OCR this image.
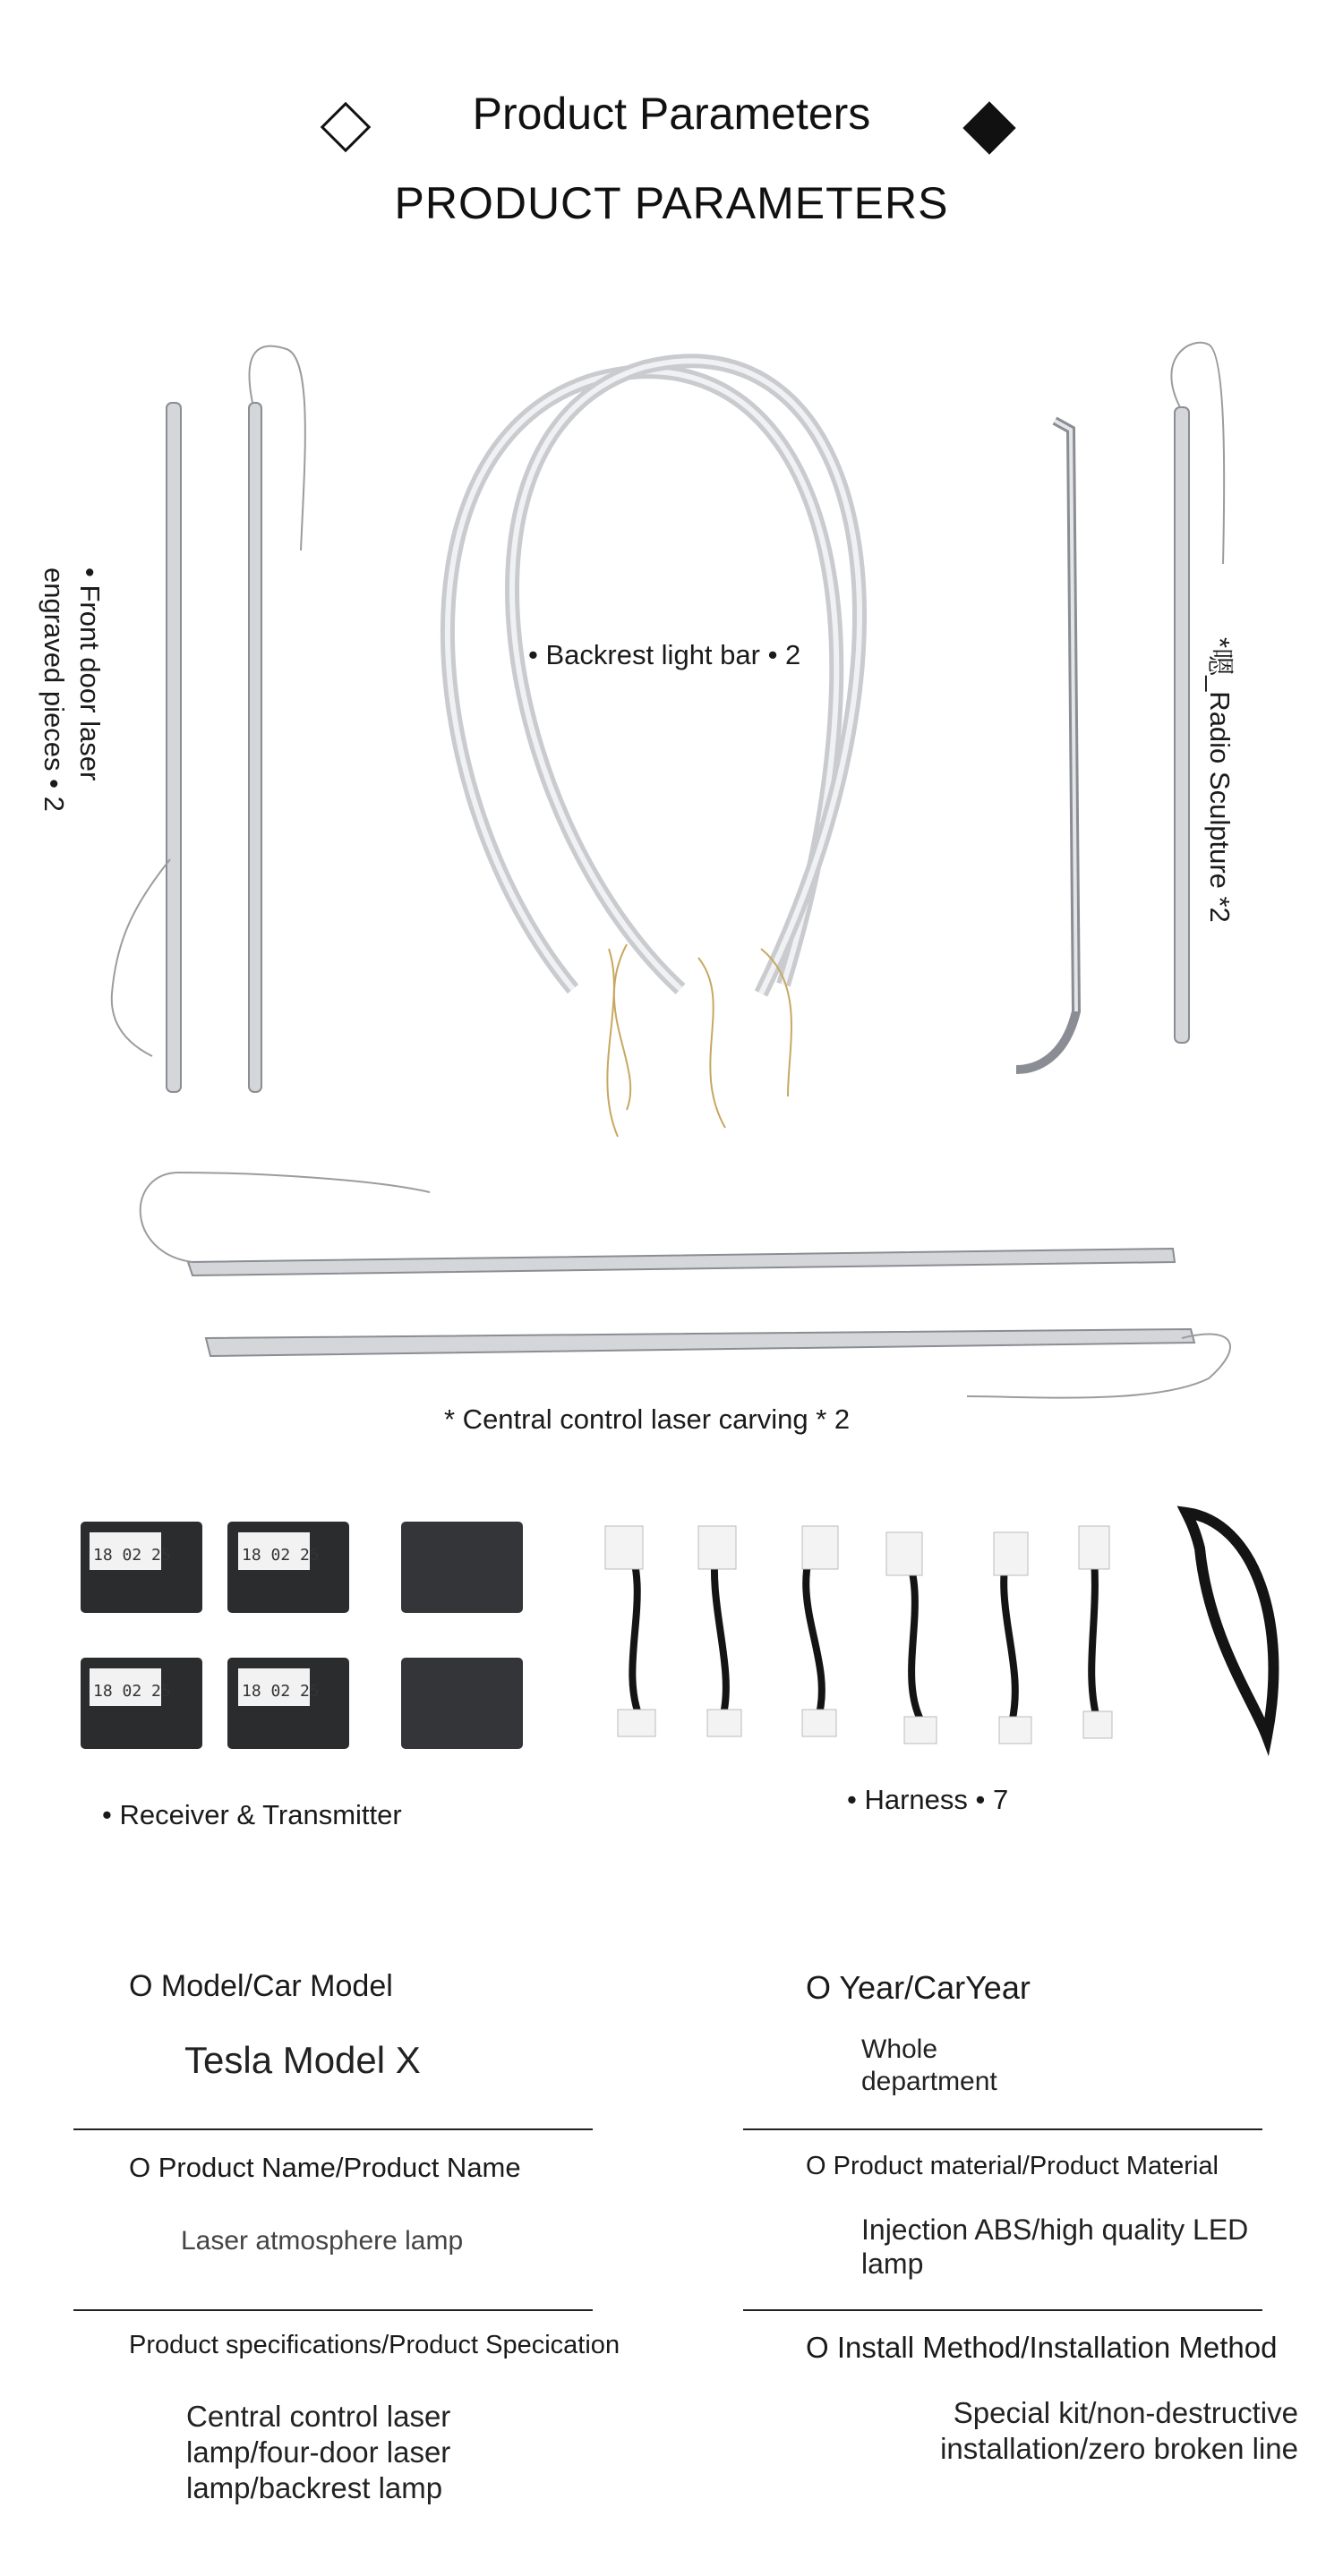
Product Parameters
PRODUCT PARAMETERS
18 02 25	18 02 25
18 02 25	18 02 25
• Front door laser
engraved pieces • 2	• Backrest light bar • 2	*嗯_Radio Sculpture *2
* Central control laser carving * 2
• Receiver & Transmitter	• Harness • 7
O Model/Car Model
Tesla Model X
O Year/CarYear
Whole department
O Product Name/Product Name
Laser atmosphere lamp
O Product material/Product Material
Injection ABS/high quality LED lamp
Product specifications/Product Specication
Central control laser lamp/four-door laser lamp/backrest lamp
O Install Method/Installation Method
Special kit/non-destructive installation/zero broken line
